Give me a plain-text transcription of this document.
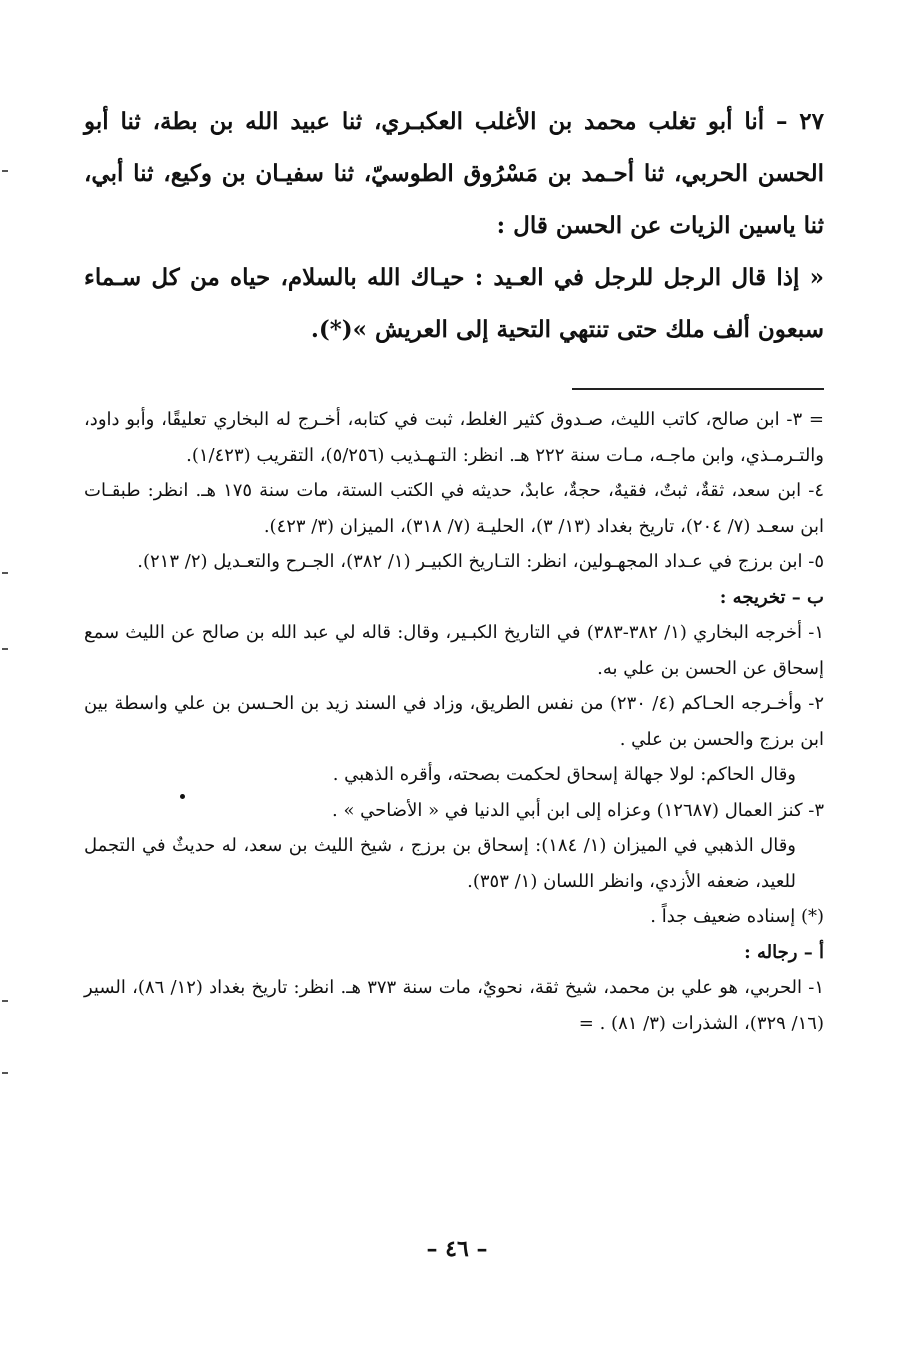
٢٧ – أنا أبو تغلب محمد بن الأغلب العكبـري، ثنا عبيد الله بن بطة، ثنا أبو الحسن الحربي، ثنا أحـمد بن مَسْرُوق الطوسيّ، ثنا سفيـان بن وكيع، ثنا أبي، ثنا ياسين الزيات عن الحسن قال :

« إذا قال الرجل للرجل في العـيد : حيـاك الله بالسلام، حياه من كل سـماء سبعون ألف ملك حتى تنتهي التحية إلى العريش »(*).

= ٣- ابن صالح، كاتب الليث، صـدوق كثير الغلط، ثبت في كتابه، أخـرج له البخاري تعليقًا، وأبو داود، والتـرمـذي، وابن ماجـه، مـات سنة ٢٢٢ هـ. انظر: التـهـذيب (٥/٢٥٦)، التقريب (١/٤٢٣).

٤- ابن سعد، ثقةٌ، ثبتٌ، فقيهٌ، حجةٌ، عابدٌ، حديثه في الكتب الستة، مات سنة ١٧٥ هـ. انظر: طبقـات ابن سعـد (٧/ ٢٠٤)، تاريخ بغداد (١٣/ ٣)، الحليـة (٧/ ٣١٨)، الميزان (٣/ ٤٢٣).

٥- ابن برزج في عـداد المجهـولين، انظر: التـاريخ الكبيـر (١/ ٣٨٢)، الجـرح والتعـديل (٢/ ٢١٣).

ب – تخريجه :

١- أخرجه البخاري (١/ ٣٨٢-٣٨٣) في التاريخ الكبـير، وقال: قاله لي عبد الله بن صالح عن الليث سمع إسحاق عن الحسن بن علي به.

٢- وأخـرجه الحـاكم (٤/ ٢٣٠) من نفس الطريق، وزاد في السند زيد بن الحـسن بن علي واسطة بين ابن برزج والحسن بن علي .

وقال الحاكم: لولا جهالة إسحاق لحكمت بصحته، وأقره الذهبي .

٣- كنز العمال (١٢٦٨٧) وعزاه إلى ابن أبي الدنيا في « الأضاحي » .

وقال الذهبي في الميزان (١/ ١٨٤): إسحاق بن برزج ، شيخ الليث بن سعد، له حديثٌ في التجمل للعيد، ضعفه الأزدي، وانظر اللسان (١/ ٣٥٣).

(*) إسناده ضعيف جداً .

أ – رجاله :

١- الحربي، هو علي بن محمد، شيخ ثقة، نحويٌ، مات سنة ٣٧٣ هـ. انظر: تاريخ بغداد (١٢/ ٨٦)، السير (١٦/ ٣٢٩)، الشذرات (٣/ ٨١) . =

– ٤٦ –
